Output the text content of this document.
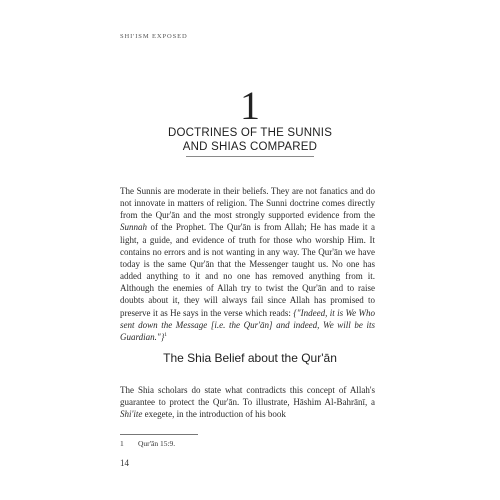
SHI'ISM EXPOSED
1
DOCTRINES OF THE SUNNIS
AND SHIAS COMPARED

The Sunnis are moderate in their beliefs. They are not fanatics and do not innovate in matters of religion. The Sunni doctrine comes directly from the Qur'ān and the most strongly supported evidence from the Sunnah of the Prophet. The Qur'ān is from Allah; He has made it a light, a guide, and evidence of truth for those who worship Him. It contains no errors and is not wanting in any way. The Qur'ān we have today is the same Qur'ān that the Messenger taught us. No one has added anything to it and no one has removed anything from it. Although the enemies of Allah try to twist the Qur'ān and to raise doubts about it, they will always fail since Allah has promised to preserve it as He says in the verse which reads: {"Indeed, it is We Who sent down the Message [i.e. the Qur'ān] and indeed, We will be its Guardian."}$^1$

The Shia Belief about the Qur'ān

The Shia scholars do state what contradicts this concept of Allah's guarantee to protect the Qur'ān. To illustrate, Hāshim Al-Bahrānī, a Shi'ite exegete, in the introduction of his book

1 Qur'ān 15:9.
14
